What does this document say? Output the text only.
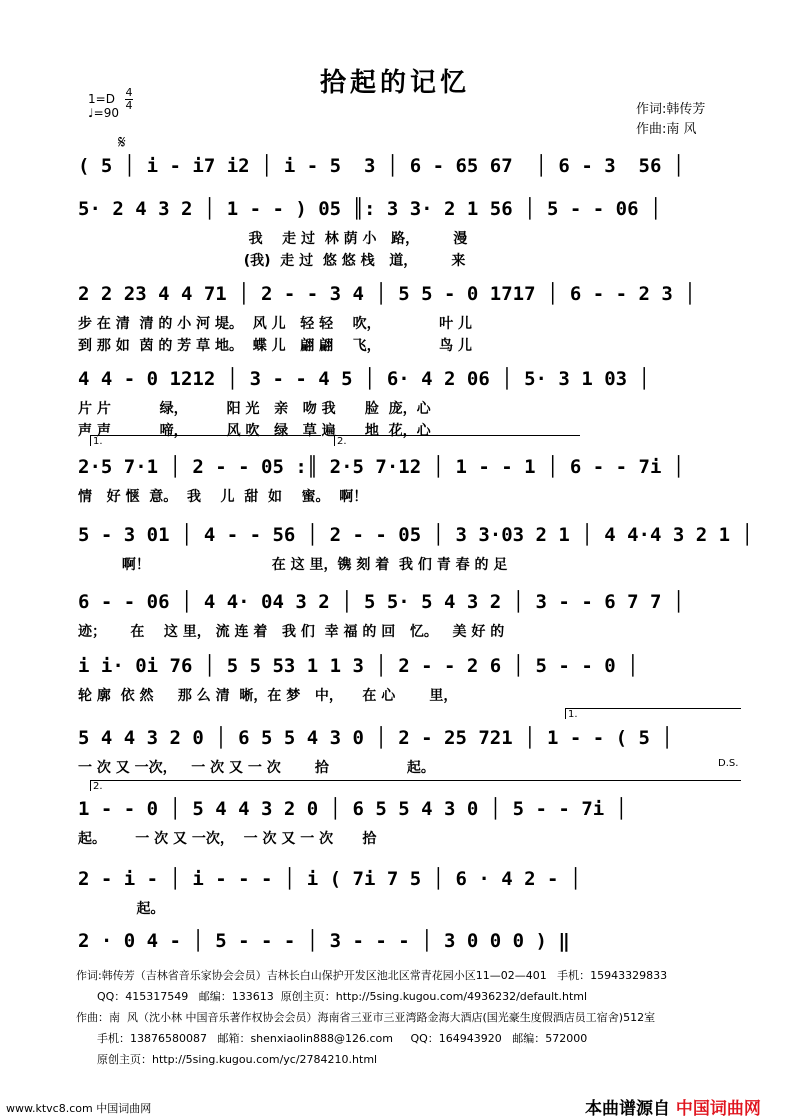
拾起的记忆
1=D
♩=90
4
4	作词:韩传芳
作曲:南 风
𝄋
( 5 │ i - i7 i2 │ i - 5  3 │ 6 - 65 67  │ 6 - 3  56 │
5· 2 4 3 2 │ 1 - - ) 05 ║: 3 3· 2 1 56 │ 5 - - 06 │
我    走 过  林 荫 小   路，       漫
(我)  走 过  悠 悠 栈   道，       来
2 2 23 4 4 71 │ 2 - - 3 4 │ 5 5 - 0 1717 │ 6 - - 2 3 │
步 在 清  清 的 小 河 堤。  风 儿   轻 轻    吹，            叶 儿
到 那 如  茵 的 芳 草 地。  蝶 儿   翩 翩    飞，            鸟 儿
4 4 - 0 1212 │ 3 - - 4 5 │ 6· 4 2 06 │ 5· 3 1 03 │
片 片          绿，        阳 光   亲   吻 我      脸  庞，心
声 声          啼，        风 吹   绿   草 遍      地  花，心
2·5 7·1 │ 2 - - 05 :║ 2·5 7·12 │ 1 - - 1 │ 6 - - 7i │
情   好 惬  意。  我    儿  甜  如    蜜。  啊！
5 - 3 01 │ 4 - - 56 │ 2 - - 05 │ 3 3·03 2 1 │ 4 4·4 3 2 1 │
啊！                         在 这 里，镌 刻 着  我 们 青 春 的 足
6 - - 06 │ 4 4· 04 3 2 │ 5 5· 5 4 3 2 │ 3 - - 6 7 7 │
迹；     在    这 里， 流 连 着   我 们  幸 福 的 回   忆。   美 好 的
i i· 0i 76 │ 5 5 53 1 1 3 │ 2 - - 2 6 │ 5 - - 0 │
轮 廓  依 然     那 么 清  晰，在 梦   中，    在 心       里，
5 4 4 3 2 0 │ 6 5 5 4 3 0 │ 2 - 25 721 │ 1 - - ( 5 │
一 次 又 一次，   一 次 又 一 次       拾                起。
1 - - 0 │ 5 4 4 3 2 0 │ 6 5 5 4 3 0 │ 5 - - 7i │
起。      一 次 又 一次，  一 次 又 一 次      拾
2 - i - │ i - - - │ i ( 7i 7 5 │ 6 · 4 2 - │
起。
2 · 0 4 - │ 5 - - - │ 3 - - - │ 3 0 0 0 ) ‖
D.S.
1.
1.	2.
2.
作词:韩传芳（吉林省音乐家协会会员）吉林长白山保护开发区池北区常青花园小区11—02—401   手机：15943329833
QQ：415317549   邮编：133613  原创主页：http://5sing.kugou.com/4936232/default.html
作曲：南  风（沈小林 中国音乐著作权协会会员）海南省三亚市三亚湾路金海大酒店(国光豪生度假酒店员工宿舍)512室
手机：13876580087   邮箱：shenxiaolin888@126.com     QQ：164943920   邮编：572000
原创主页：http://5sing.kugou.com/yc/2784210.html
www.ktvc8.com 中国词曲网	本曲谱源自 中国词曲网
